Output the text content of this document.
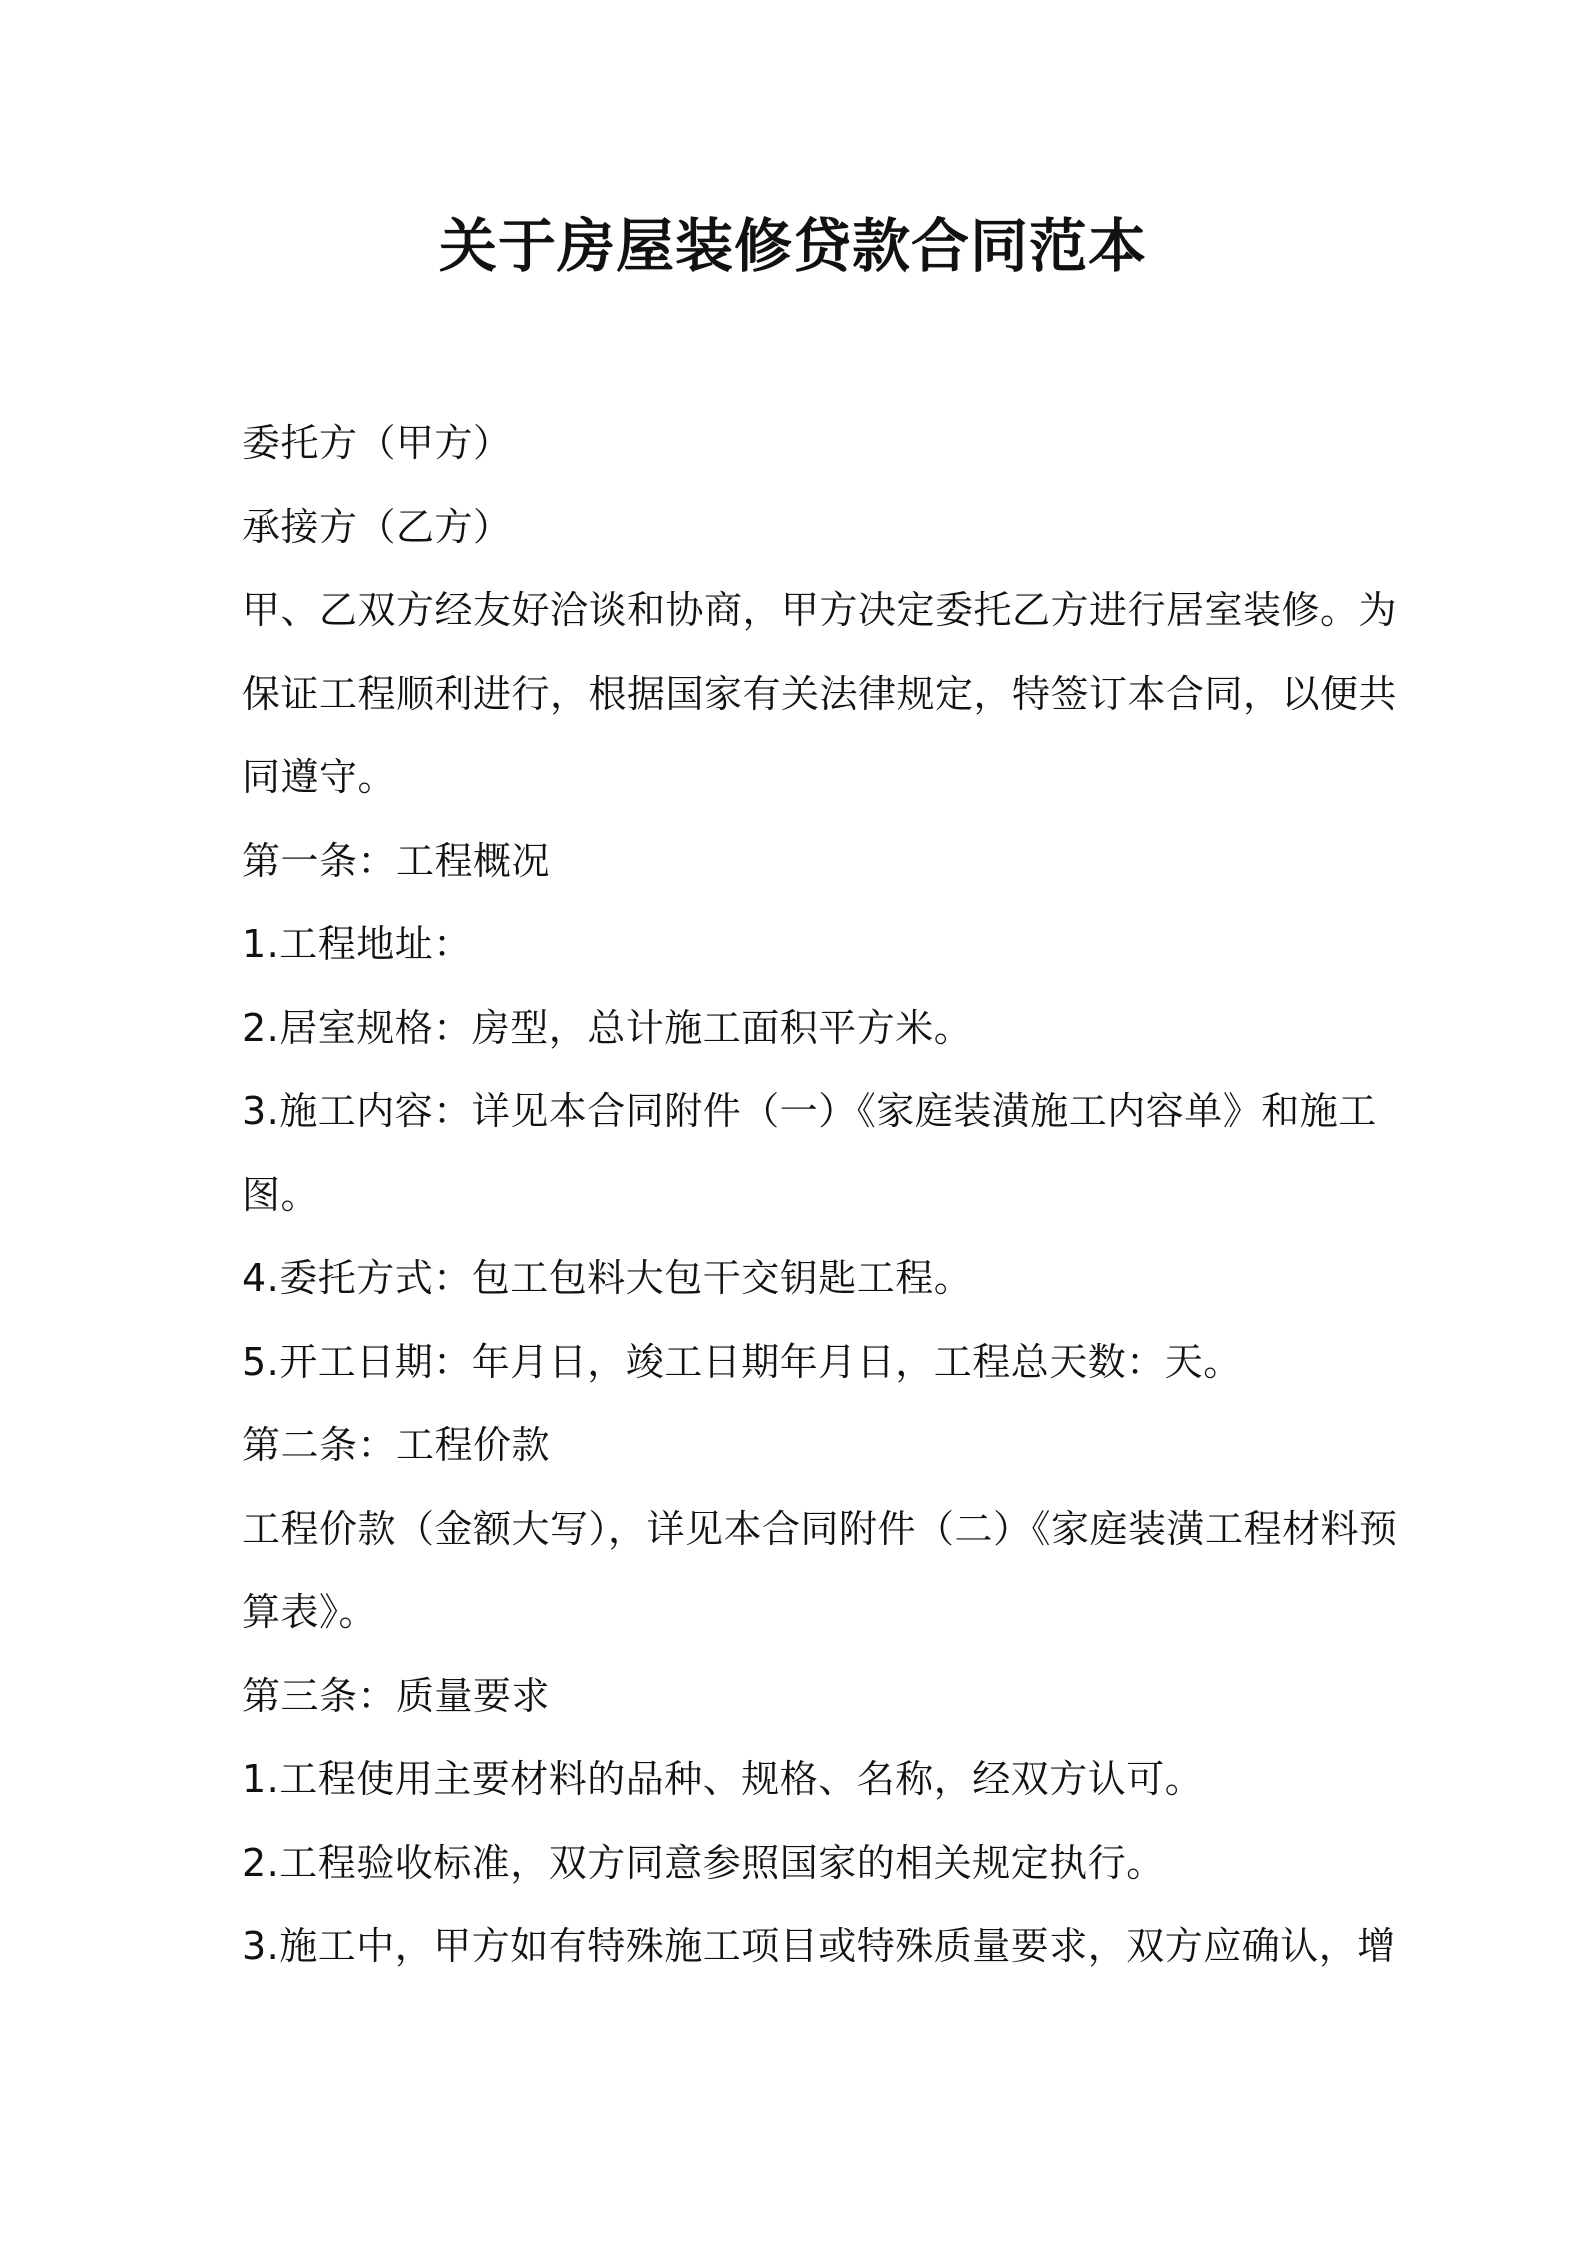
关于房屋装修贷款合同范本

委托方（甲方）

承接方（乙方）

甲、乙双方经友好洽谈和协商，甲方决定委托乙方进行居室装修。为

保证工程顺利进行，根据国家有关法律规定，特签订本合同，以便共

同遵守。

第一条：工程概况

1.工程地址：

2.居室规格：房型，总计施工面积平方米。

3.施工内容：详见本合同附件（一）《家庭装潢施工内容单》和施工

图。

4.委托方式：包工包料大包干交钥匙工程。

5.开工日期：年月日，竣工日期年月日，工程总天数：天。

第二条：工程价款

工程价款（金额大写），详见本合同附件（二）《家庭装潢工程材料预

算表》。

第三条：质量要求

1.工程使用主要材料的品种、规格、名称，经双方认可。

2.工程验收标准，双方同意参照国家的相关规定执行。

3.施工中，甲方如有特殊施工项目或特殊质量要求，双方应确认，增
